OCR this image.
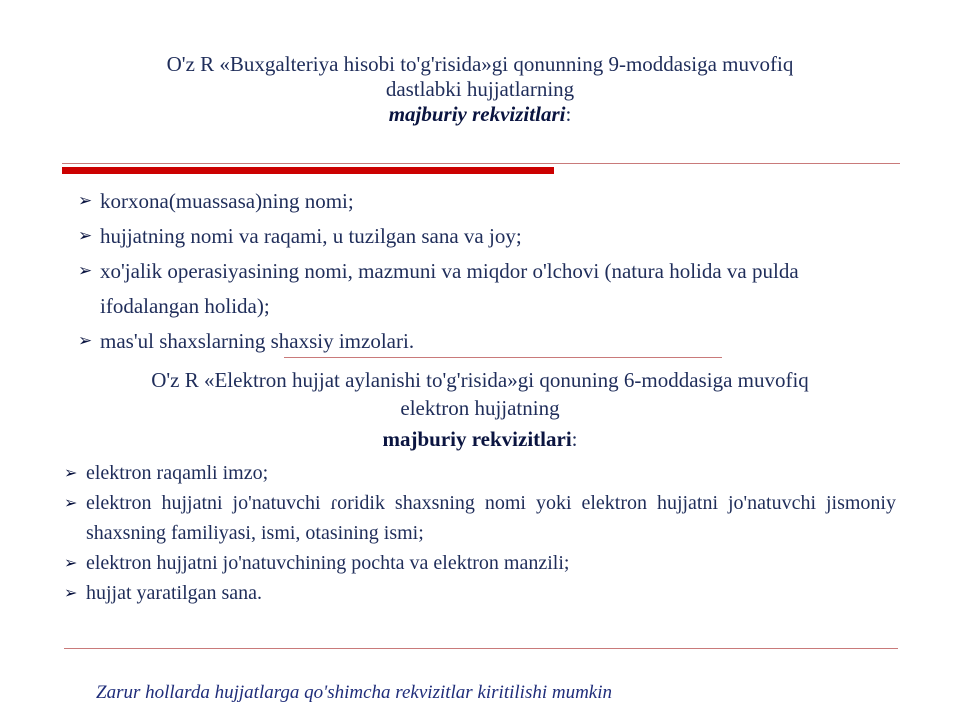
O'z R «Buxgalteriya hisobi to'g'risida»gi qonunning 9-moddasiga muvofiq
dastlabki hujjatlarning
majburiy rekvizitlari:
➢ korxona(muassasa)ning nomi;
➢ hujjatning nomi va raqami, u tuzilgan sana va joy;
➢ xo'jalik operasiyasining nomi, mazmuni va miqdor o'lchovi (natura holida va pulda ifodalangan holida);
➢ mas'ul shaxslarning shaxsiy imzolari.
O'z R «Elektron hujjat aylanishi to'g'risida»gi qonuning 6-moddasiga muvofiq
elektron hujjatning
majburiy rekvizitlari:
➢ elektron raqamli imzo;
➢ elektron hujjatni jo'natuvchi ɾoridik shaxsning nomi yoki elektron hujjatni jo'natuvchi jismoniy shaxsning familiyasi, ismi, otasining ismi;
➢ elektron hujjatni jo'natuvchining pochta va elektron manzili;
➢ hujjat yaratilgan sana.
Zarur hollarda hujjatlarga qo'shimcha rekvizitlar kiritilishi mumkin
